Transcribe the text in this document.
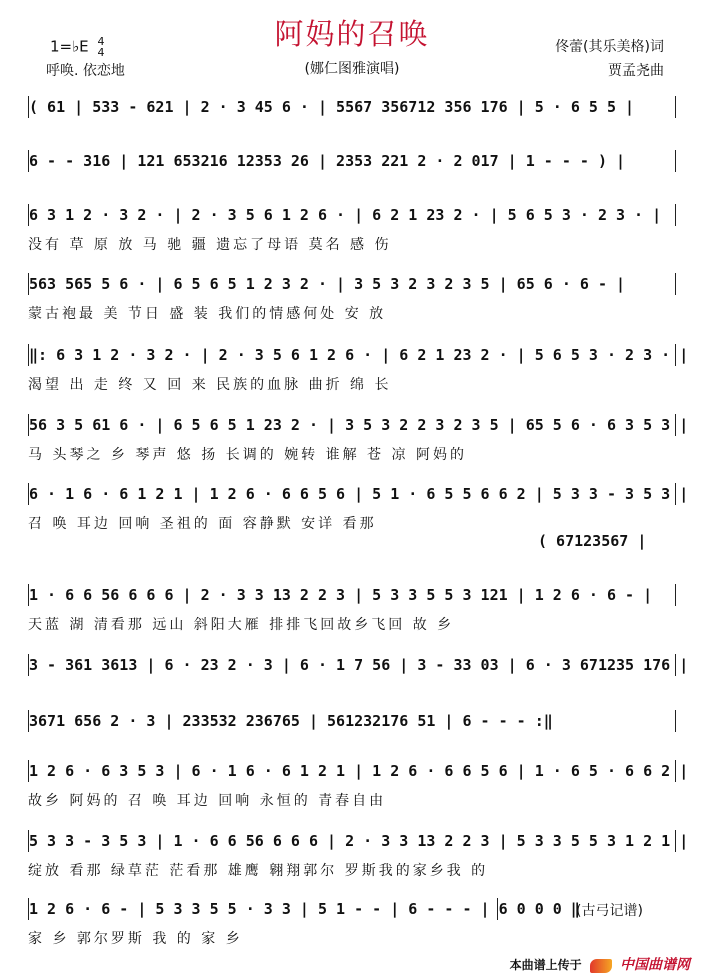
1=♭E 4
4
呼唤. 依恋地
阿妈的召唤
(娜仁图雅演唱)
佟蕾(其乐美格)词
贾孟尧曲
( 61 | 533 - 621 | 2 · 3 45 6 · | 5567 356712 356 176 | 5 · 6 5 5 |
6 - - 316 | 121 653216 12353 26 | 2353 221 2 · 2 017 | 1 - - - ) |
6 3 1 2 · 3 2 · | 2 · 3 5 6 1 2 6 · | 6 2 1 23 2 · | 5 6 5 3 · 2 3 · |
没有 草 原 放 马 驰 疆 遗忘了母语 莫名 感 伤
563 565 5 6 · | 6 5 6 5 1 2 3 2 · | 3 5 3 2 3 2 3 5 | 65 6 · 6 - |
蒙古袍最 美 节日 盛 装 我们的情感何处 安 放
‖: 6 3 1 2 · 3 2 · | 2 · 3 5 6 1 2 6 · | 6 2 1 23 2 · | 5 6 5 3 · 2 3 · |
渴望 出 走 终 又 回 来 民族的血脉 曲折 绵 长
56 3 5 61 6 · | 6 5 6 5 1 23 2 · | 3 5 3 2 2 3 2 3 5 | 65 5 6 · 6 3 5 3 |
马 头琴之 乡 琴声 悠 扬 长调的 婉转 谁解 苍 凉 阿妈的
6 · 1 6 · 6 1 2 1 | 1 2 6 · 6 6 5 6 | 5 1 · 6 5 5 6 6 2 | 5 3 3 - 3 5 3 |
召 唤 耳边 回响 圣祖的 面 容静默 安详 看那
( 67123567 |
1 · 6 6 56 6 6 6 | 2 · 3 3 13 2 2 3 | 5 3 3 5 5 3 121 | 1 2 6 · 6 - |
天蓝 湖 清看那 远山 斜阳大雁 排排飞回故乡飞回 故 乡
3 - 361 3613 | 6 · 23 2 · 3 | 6 · 1 7 56 | 3 - 33 03 | 6 · 3 671235 176 |
3671 656 2 · 3 | 233532 236765 | 561232176 51 | 6 - - - :‖
1 2 6 · 6 3 5 3 | 6 · 1 6 · 6 1 2 1 | 1 2 6 · 6 6 5 6 | 1 · 6 5 · 6 6 2 |
故乡 阿妈的 召 唤 耳边 回响 永恒的 青春自由
5 3 3 - 3 5 3 | 1 · 6 6 56 6 6 6 | 2 · 3 3 13 2 2 3 | 5 3 3 5 5 3 1 2 1 |
绽放 看那 绿草茫 茫看那 雄鹰 翱翔郭尔 罗斯我的家乡我 的
1 2 6 · 6 - | 5 3 3 5 5 · 3 3 | 5 1 - - | 6 - - - | 6 0 0 0 ‖
(古弓记谱)
家 乡 郭尔罗斯 我 的 家 乡
本曲谱上传于	中国曲谱网
